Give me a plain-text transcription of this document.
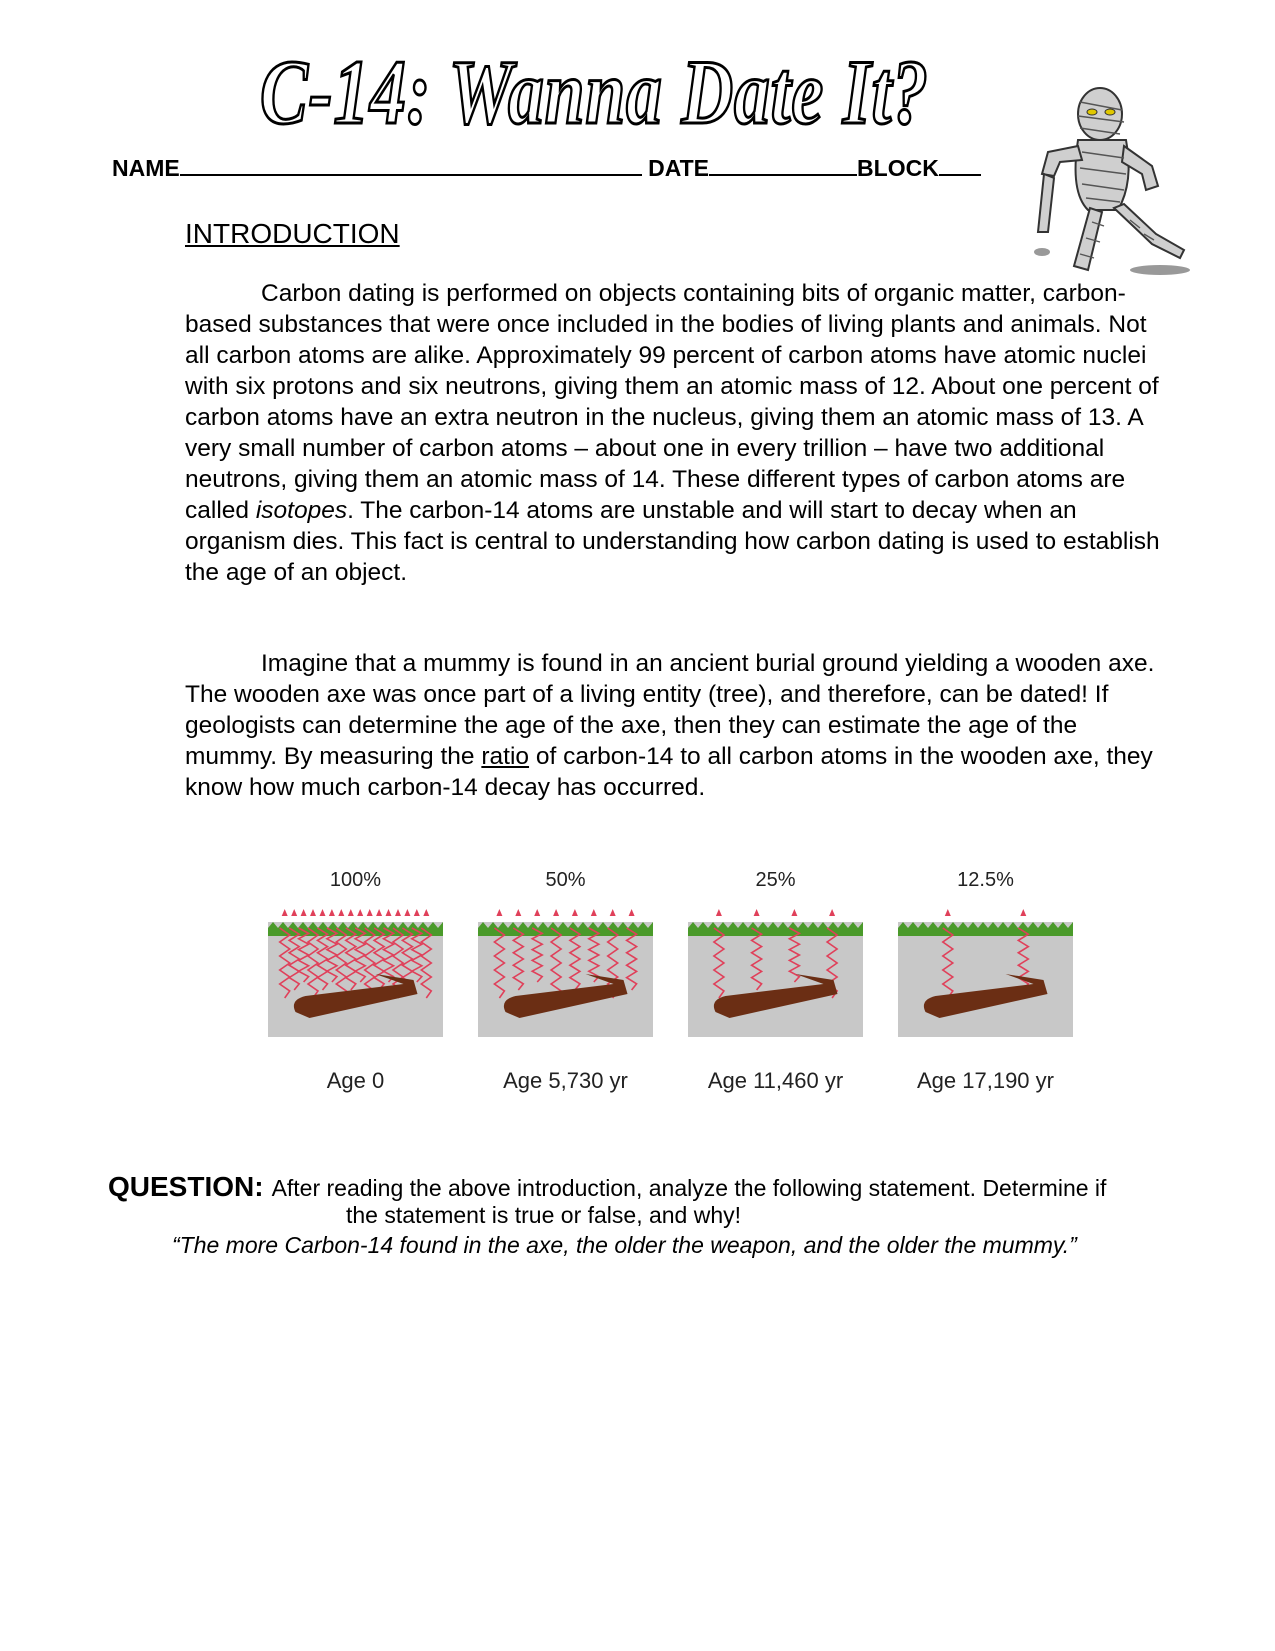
C-14: Wanna Date It?
NAME	DATE	BLOCK
INTRODUCTION

Carbon dating is performed on objects containing bits of organic matter, carbon-based substances that were once included in the bodies of living plants and animals. Not all carbon atoms are alike. Approximately 99 percent of carbon atoms have atomic nuclei with six protons and six neutrons, giving them an atomic mass of 12. About one percent of carbon atoms have an extra neutron in the nucleus, giving them an atomic mass of 13. A very small number of carbon atoms – about one in every trillion – have two additional neutrons, giving them an atomic mass of 14. These different types of carbon atoms are called isotopes. The carbon-14 atoms are unstable and will start to decay when an organism dies. This fact is central to understanding how carbon dating is used to establish the age of an object.

Imagine that a mummy is found in an ancient burial ground yielding a wooden axe. The wooden axe was once part of a living entity (tree), and therefore, can be dated! If geologists can determine the age of the axe, then they can estimate the age of the mummy. By measuring the ratio of carbon-14 to all carbon atoms in the wooden axe, they know how much carbon-14 decay has occurred.

100%
Age 0
50%
Age 5,730 yr
25%
Age 11,460 yr
12.5%
Age 17,190 yr
QUESTION: After reading the above introduction, analyze the following statement. Determine if
the statement is true or false, and why!
“The more Carbon-14 found in the axe, the older the weapon, and the older the mummy.”
